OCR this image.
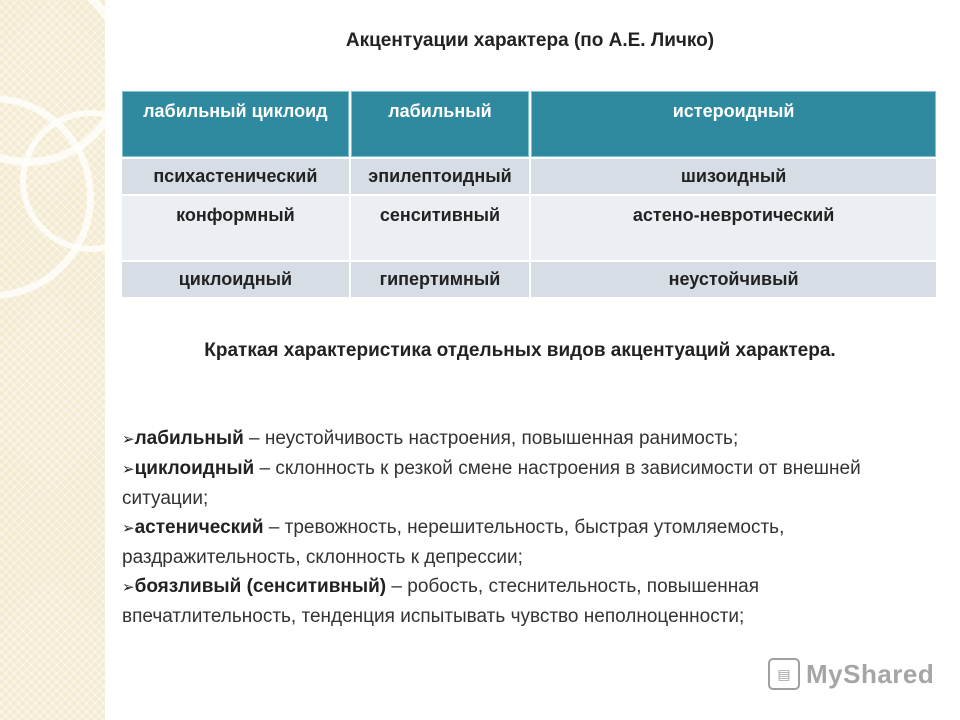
Акцентуации характера (по А.Е. Личко)
лабильный циклоид	лабильный	истероидный
психастенический	эпилептоидный	шизоидный
конформный	сенситивный	астено-невротический
циклоидный	гипертимный	неустойчивый
Краткая характеристика отдельных видов акцентуаций характера.
➢лабильный – неустойчивость настроения, повышенная ранимость;
➢циклоидный – склонность к резкой смене настроения в зависимости от внешней ситуации;
➢астенический – тревожность, нерешительность, быстрая утомляемость, раздражительность, склонность к депрессии;
➢боязливый (сенситивный) – робость, стеснительность, повышенная впечатлительность, тенденция испытывать чувство неполноценности;
▤ MyShared
